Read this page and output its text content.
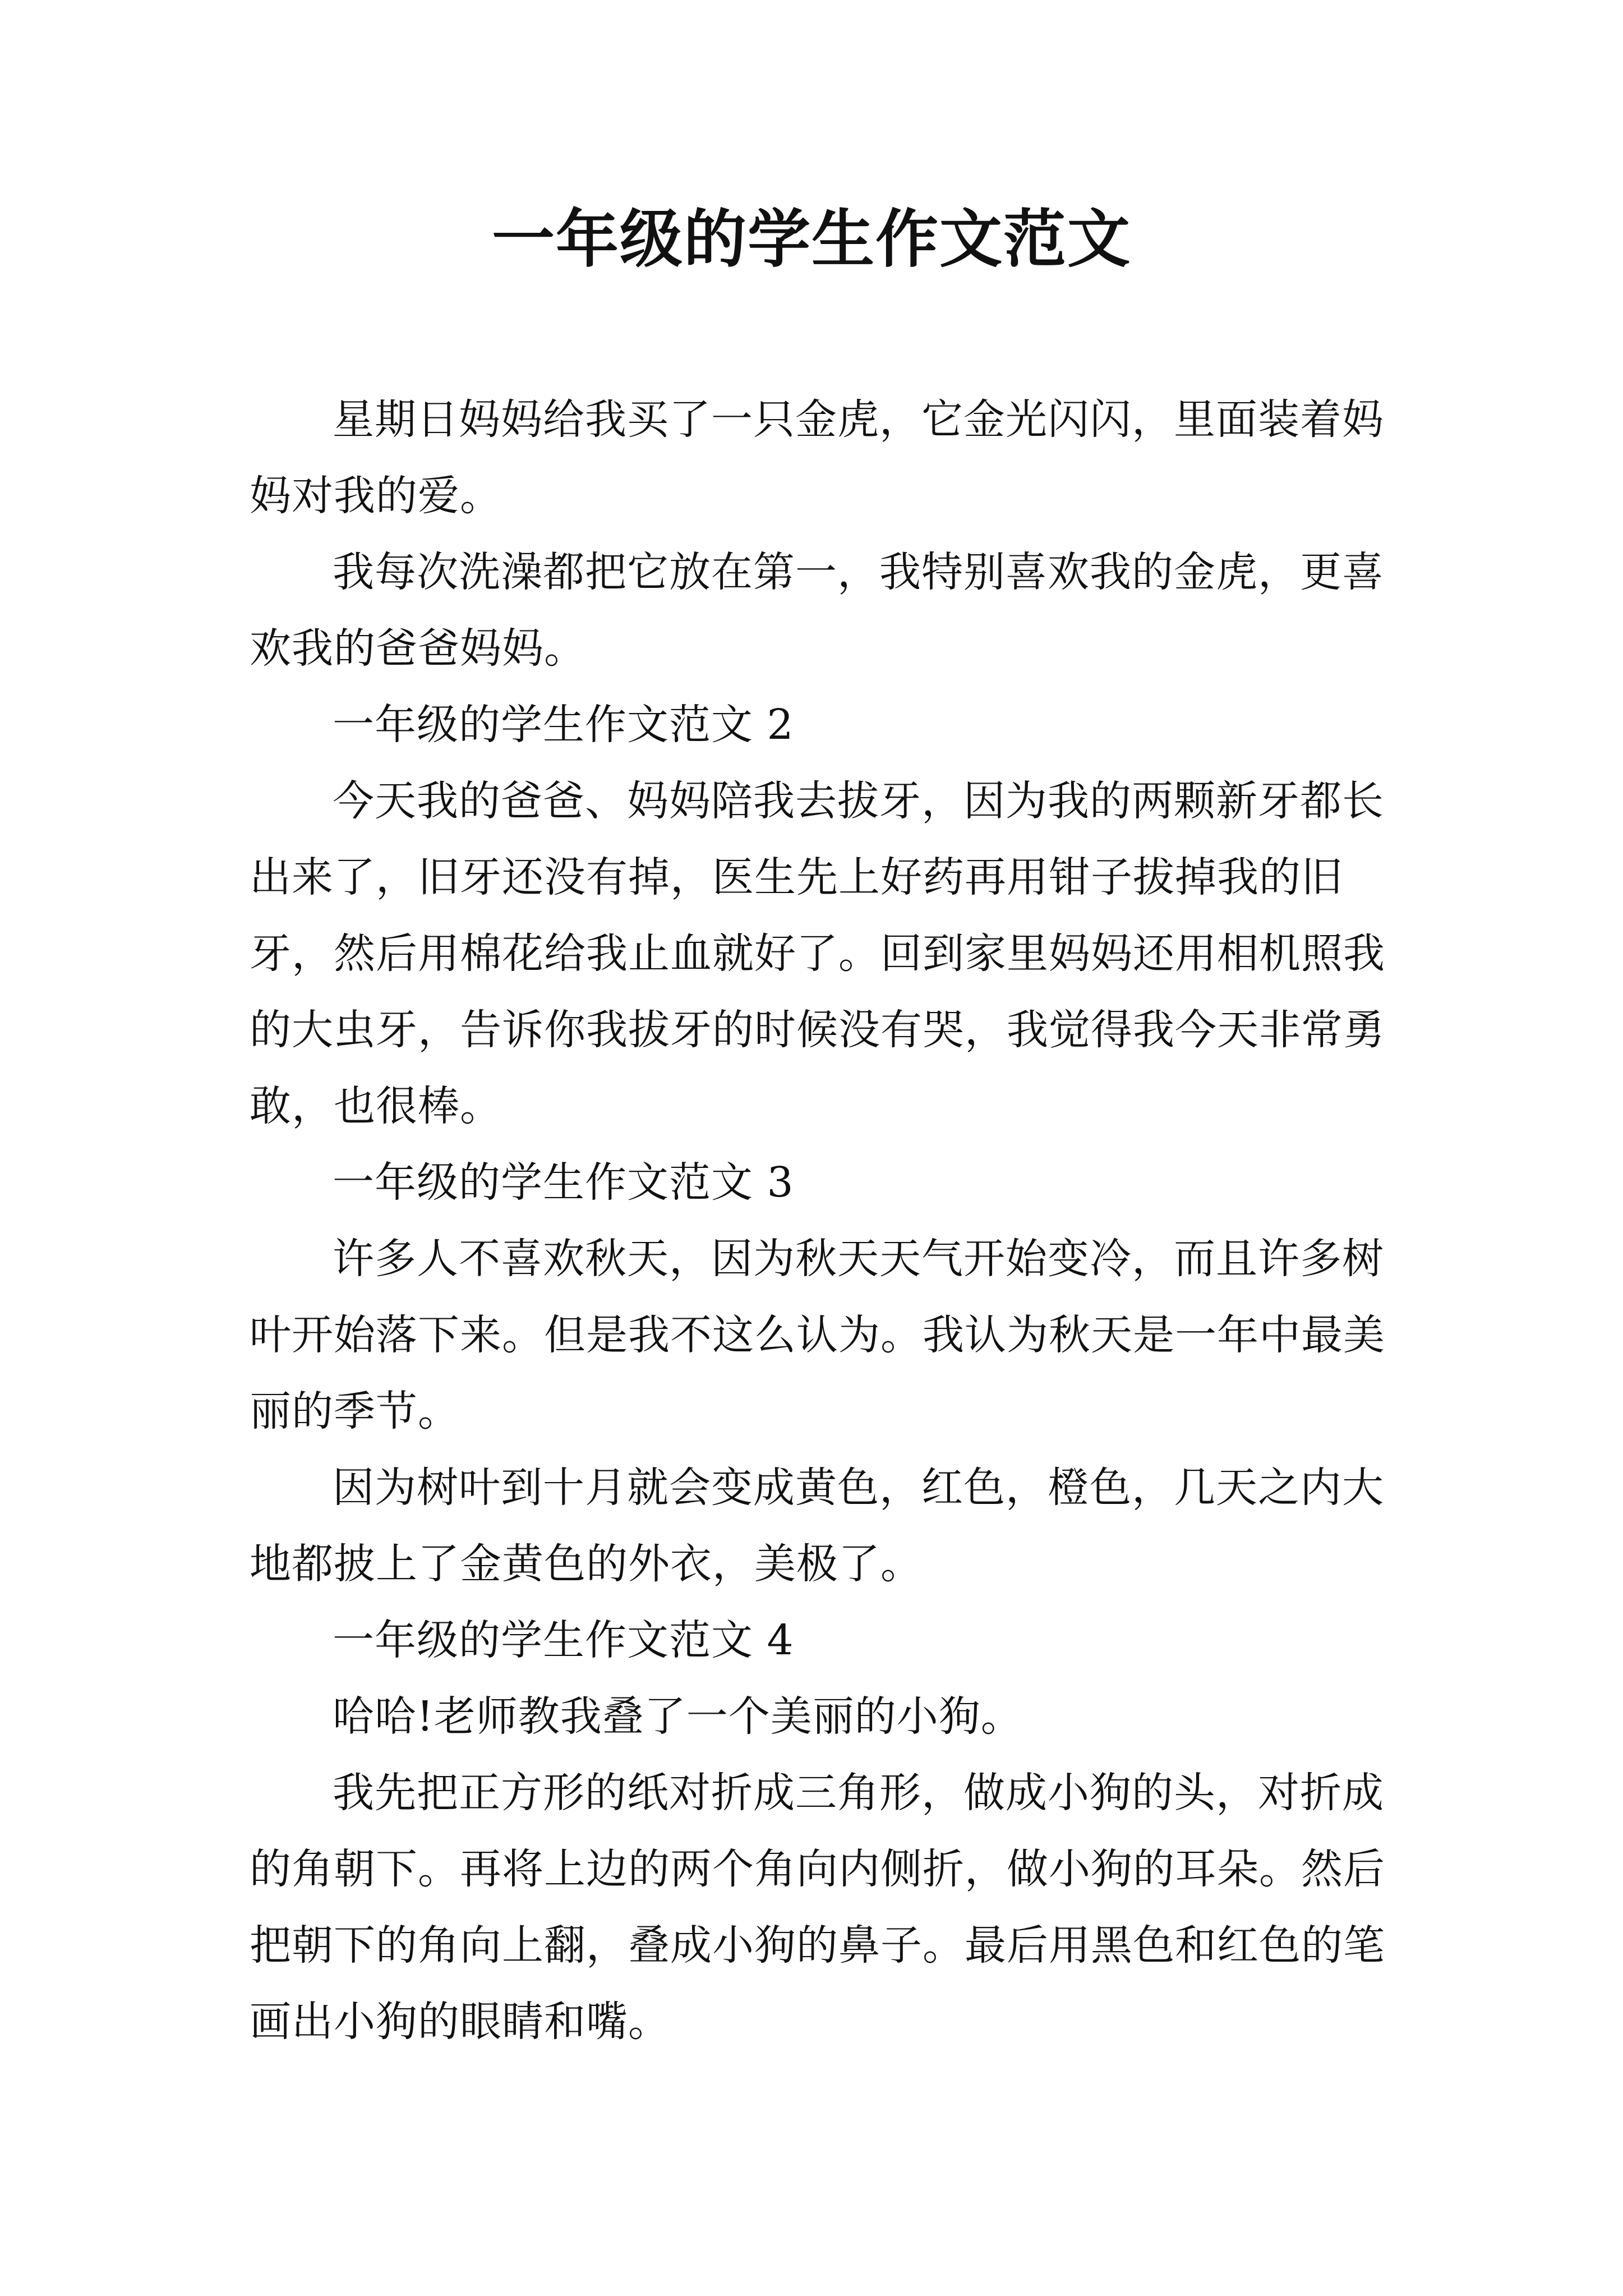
一年级的学生作文范文

星期日妈妈给我买了一只金虎，它金光闪闪，里面装着妈妈对我的爱。

我每次洗澡都把它放在第一，我特别喜欢我的金虎，更喜欢我的爸爸妈妈。

一年级的学生作文范文 2

今天我的爸爸、妈妈陪我去拔牙，因为我的两颗新牙都长出来了，旧牙还没有掉，医生先上好药再用钳子拔掉我的旧牙，然后用棉花给我止血就好了。回到家里妈妈还用相机照我的大虫牙，告诉你我拔牙的时候没有哭，我觉得我今天非常勇敢，也很棒。

一年级的学生作文范文 3

许多人不喜欢秋天，因为秋天天气开始变冷，而且许多树叶开始落下来。但是我不这么认为。我认为秋天是一年中最美丽的季节。

因为树叶到十月就会变成黄色，红色，橙色，几天之内大地都披上了金黄色的外衣，美极了。

一年级的学生作文范文 4

哈哈!老师教我叠了一个美丽的小狗。

我先把正方形的纸对折成三角形，做成小狗的头，对折成的角朝下。再将上边的两个角向内侧折，做小狗的耳朵。然后把朝下的角向上翻，叠成小狗的鼻子。最后用黑色和红色的笔画出小狗的眼睛和嘴。
